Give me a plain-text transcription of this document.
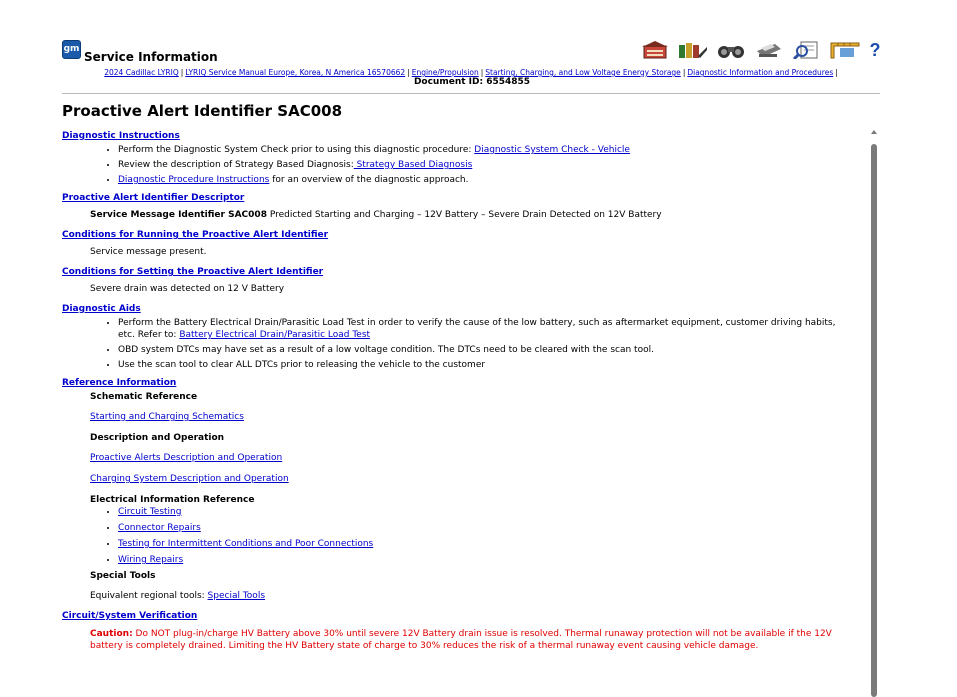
gm
Service Information	?
2024 Cadillac LYRIQ | LYRIQ Service Manual Europe, Korea, N America 16570662 | Engine/Propulsion | Starting, Charging, and Low Voltage Energy Storage | Diagnostic Information and Procedures |
Document ID: 6554855
Proactive Alert Identifier SAC008
Diagnostic Instructions
• Perform the Diagnostic System Check prior to using this diagnostic procedure: Diagnostic System Check - Vehicle
• Review the description of Strategy Based Diagnosis: Strategy Based Diagnosis
• Diagnostic Procedure Instructions for an overview of the diagnostic approach.
Proactive Alert Identifier Descriptor
Service Message Identifier SAC008 Predicted Starting and Charging – 12V Battery – Severe Drain Detected on 12V Battery
Conditions for Running the Proactive Alert Identifier
Service message present.
Conditions for Setting the Proactive Alert Identifier
Severe drain was detected on 12 V Battery
Diagnostic Aids
• Perform the Battery Electrical Drain/Parasitic Load Test in order to verify the cause of the low battery, such as aftermarket equipment, customer driving habits, etc. Refer to: Battery Electrical Drain/Parasitic Load Test
• OBD system DTCs may have set as a result of a low voltage condition. The DTCs need to be cleared with the scan tool.
• Use the scan tool to clear ALL DTCs prior to releasing the vehicle to the customer
Reference Information
Schematic Reference
Starting and Charging Schematics
Description and Operation
Proactive Alerts Description and Operation
Charging System Description and Operation
Electrical Information Reference
• Circuit Testing
• Connector Repairs
• Testing for Intermittent Conditions and Poor Connections
• Wiring Repairs
Special Tools
Equivalent regional tools: Special Tools
Circuit/System Verification
Caution: Do NOT plug-in/charge HV Battery above 30% until severe 12V Battery drain issue is resolved. Thermal runaway protection will not be available if the 12V battery is completely drained. Limiting the HV Battery state of charge to 30% reduces the risk of a thermal runaway event causing vehicle damage.
